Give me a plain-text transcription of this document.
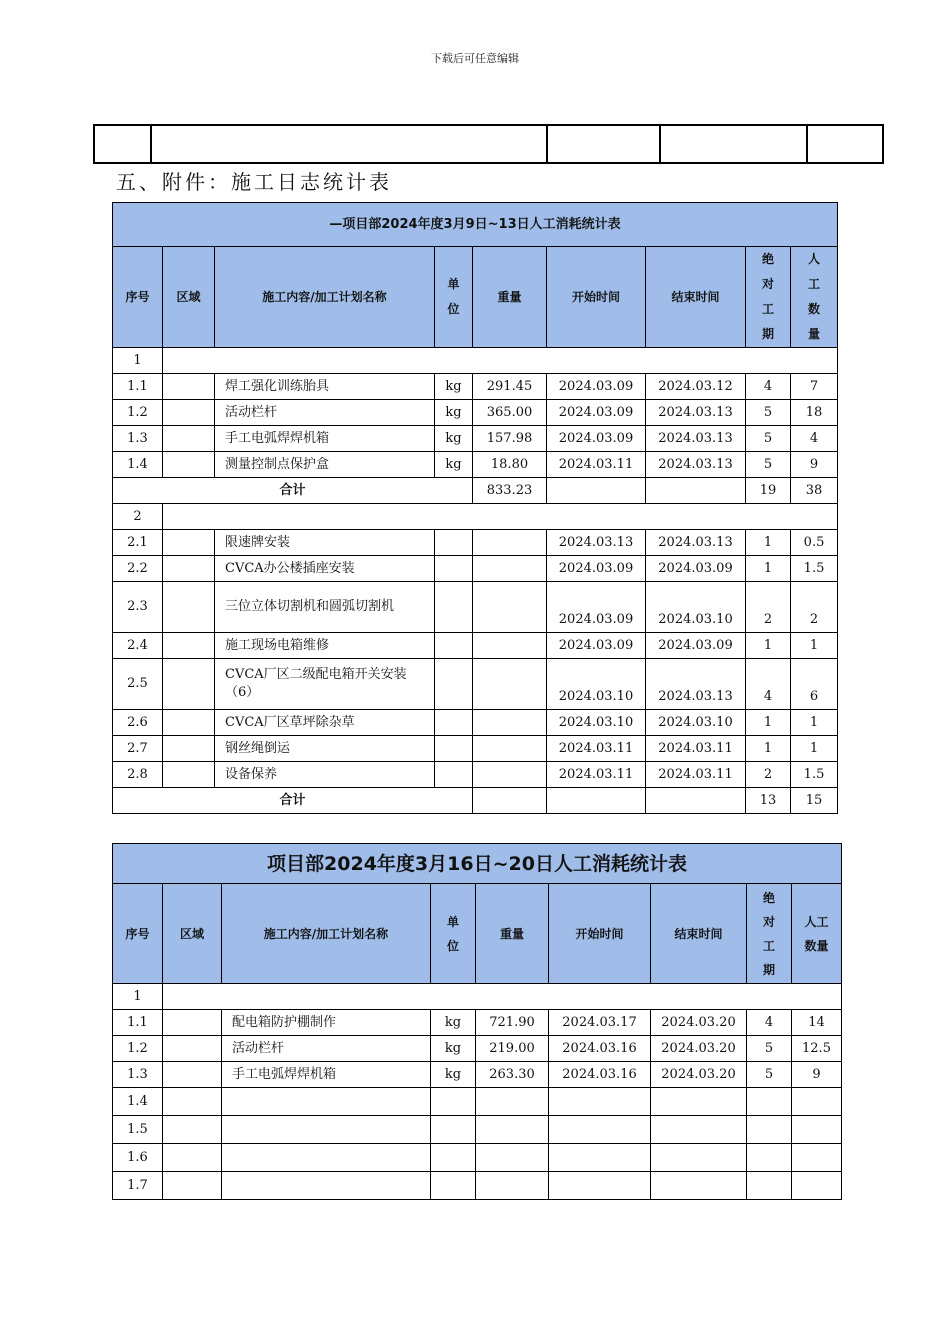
下载后可任意编辑

五、附件：施工日志统计表
—项目部2024年度3月9日~13日人工消耗统计表								
序号	区域	施工内容/加工计划名称	单位	重量	开始时间	结束时间	绝对工期	人工数量
1								
1.1		焊工强化训练胎具	kg	291.45	2024.03.09	2024.03.12	4	7
1.2		活动栏杆	kg	365.00	2024.03.09	2024.03.13	5	18
1.3		手工电弧焊焊机箱	kg	157.98	2024.03.09	2024.03.13	5	4
1.4		测量控制点保护盒	kg	18.80	2024.03.11	2024.03.13	5	9
合计				833.23			19	38
2								
2.1		限速牌安装			2024.03.13	2024.03.13	1	0.5
2.2		CVCA办公楼插座安装			2024.03.09	2024.03.09	1	1.5
2.3		三位立体切割机和圆弧切割机			2024.03.09	2024.03.10	2	2
2.4		施工现场电箱维修			2024.03.09	2024.03.09	1	1
2.5		CVCA厂区二级配电箱开关安装（6）			2024.03.10	2024.03.13	4	6
2.6		CVCA厂区草坪除杂草			2024.03.10	2024.03.10	1	1
2.7		钢丝绳倒运			2024.03.11	2024.03.11	1	1
2.8		设备保养			2024.03.11	2024.03.11	2	1.5
合计							13	15
项目部2024年度3月16日~20日人工消耗统计表								
序号	区域	施工内容/加工计划名称	单位	重量	开始时间	结束时间	绝对工期	人工数量
1								
1.1		配电箱防护棚制作	kg	721.90	2024.03.17	2024.03.20	4	14
1.2		活动栏杆	kg	219.00	2024.03.16	2024.03.20	5	12.5
1.3		手工电弧焊焊机箱	kg	263.30	2024.03.16	2024.03.20	5	9
1.4								
1.5								
1.6								
1.7								
